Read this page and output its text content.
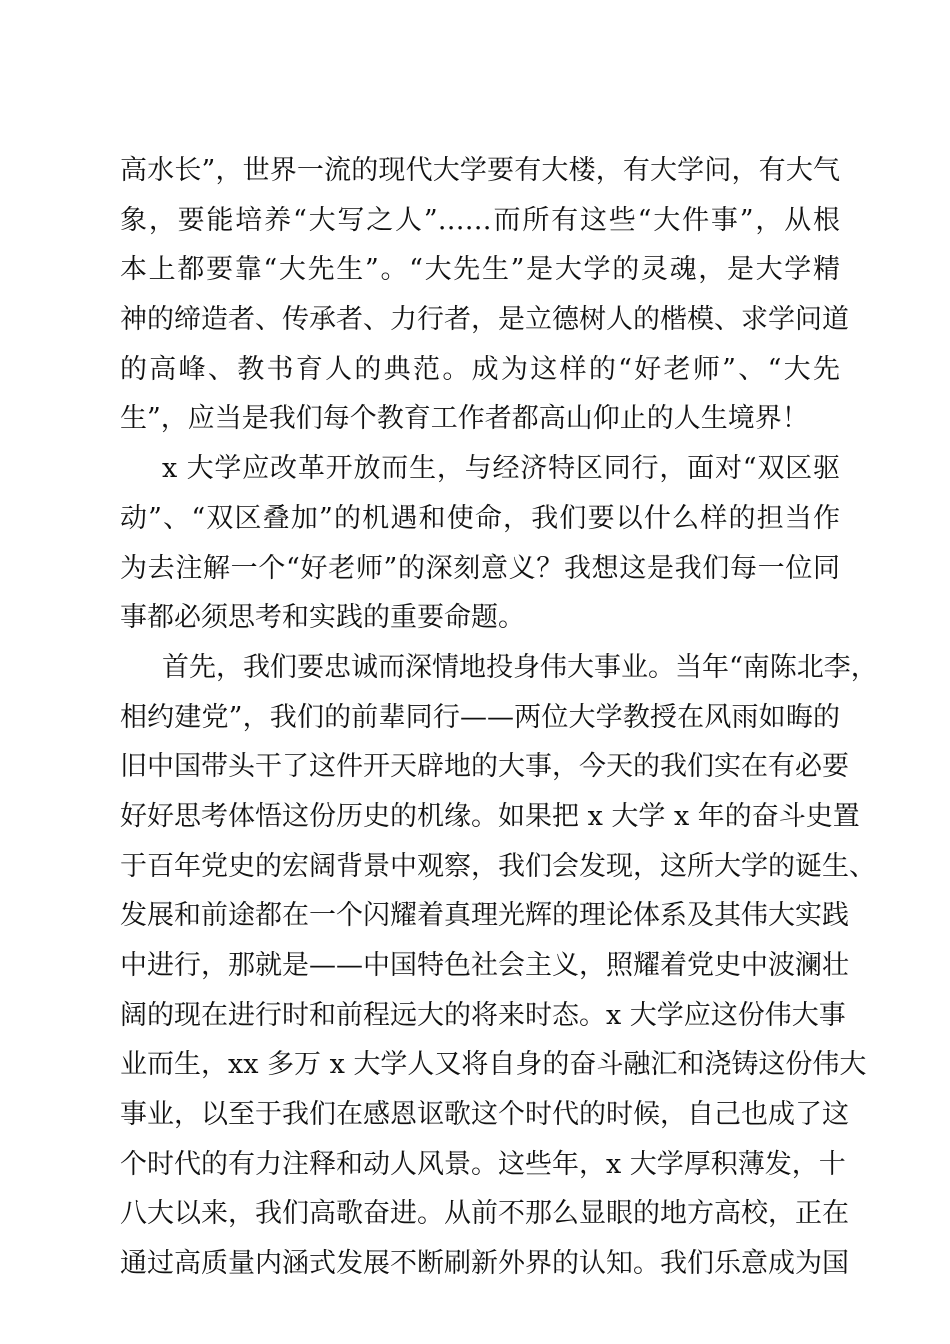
高水长”，世界一流的现代大学要有大楼，有大学问，有大气
象，要能培养“大写之人”……而所有这些“大件事”，从根
本上都要靠“大先生”。“大先生”是大学的灵魂，是大学精
神的缔造者、传承者、力行者，是立德树人的楷模、求学问道
的高峰、教书育人的典范。成为这样的“好老师”、“大先
生”，应当是我们每个教育工作者都高山仰止的人生境界！
x 大学应改革开放而生，与经济特区同行，面对“双区驱
动”、“双区叠加”的机遇和使命，我们要以什么样的担当作
为去注解一个“好老师”的深刻意义？我想这是我们每一位同
事都必须思考和实践的重要命题。
首先，我们要忠诚而深情地投身伟大事业。当年“南陈北李，
相约建党”，我们的前辈同行——两位大学教授在风雨如晦的
旧中国带头干了这件开天辟地的大事，今天的我们实在有必要
好好思考体悟这份历史的机缘。如果把 x 大学 x 年的奋斗史置
于百年党史的宏阔背景中观察，我们会发现，这所大学的诞生、
发展和前途都在一个闪耀着真理光辉的理论体系及其伟大实践
中进行，那就是——中国特色社会主义，照耀着党史中波澜壮
阔的现在进行时和前程远大的将来时态。x 大学应这份伟大事
业而生，xx 多万 x 大学人又将自身的奋斗融汇和浇铸这份伟大
事业，以至于我们在感恩讴歌这个时代的时候，自己也成了这
个时代的有力注释和动人风景。这些年，x 大学厚积薄发，十
八大以来，我们高歌奋进。从前不那么显眼的地方高校，正在
通过高质量内涵式发展不断刷新外界的认知。我们乐意成为国
